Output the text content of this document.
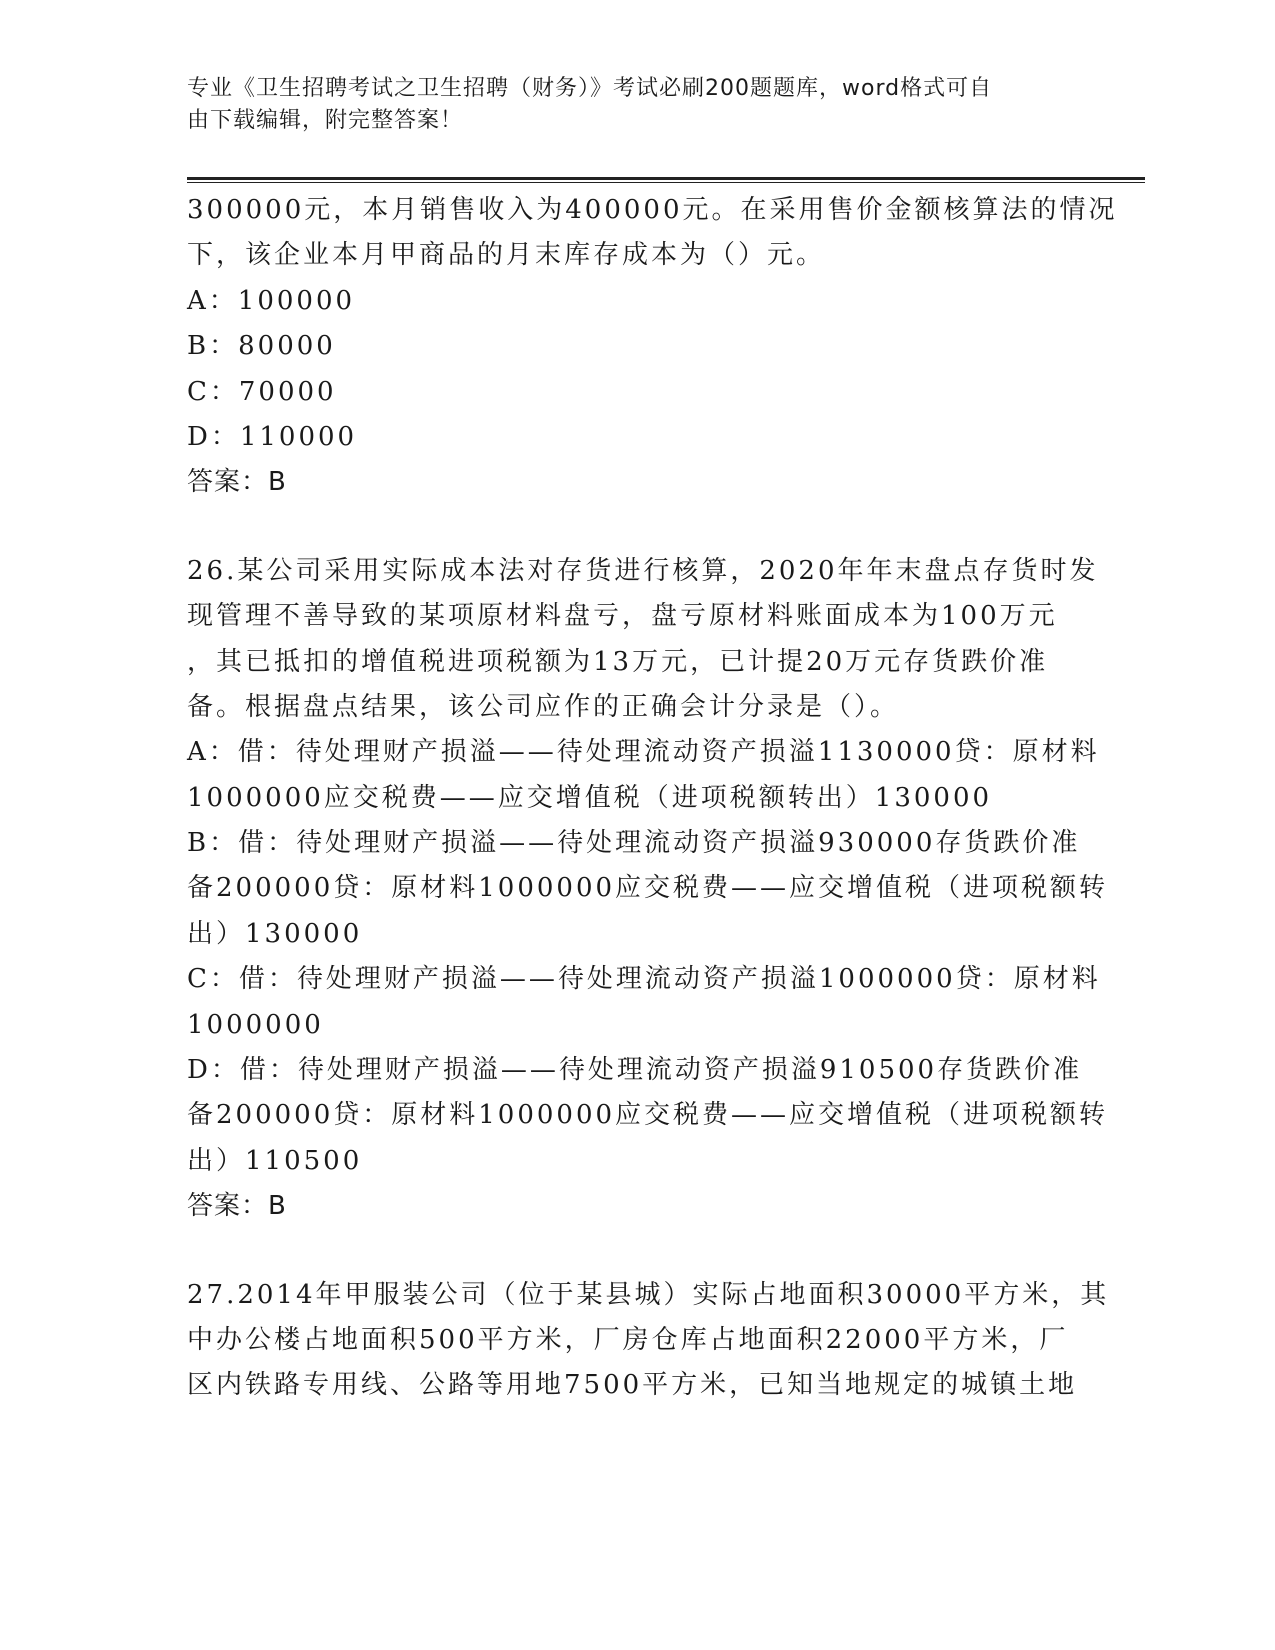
专业《卫生招聘考试之卫生招聘（财务）》考试必刷200题题库，word格式可自
由下载编辑，附完整答案！
300000元，本月销售收入为400000元。在采用售价金额核算法的情况
下，该企业本月甲商品的月末库存成本为（）元。
A：100000
B：80000
C：70000
D：110000
答案：B
26.某公司采用实际成本法对存货进行核算，2020年年末盘点存货时发
现管理不善导致的某项原材料盘亏，盘亏原材料账面成本为100万元
，其已抵扣的增值税进项税额为13万元，已计提20万元存货跌价准
备。根据盘点结果，该公司应作的正确会计分录是（）。
A：借：待处理财产损溢——待处理流动资产损溢1130000贷：原材料
1000000应交税费——应交增值税（进项税额转出）130000
B：借：待处理财产损溢——待处理流动资产损溢930000存货跌价准
备200000贷：原材料1000000应交税费——应交增值税（进项税额转
出）130000
C：借：待处理财产损溢——待处理流动资产损溢1000000贷：原材料
1000000
D：借：待处理财产损溢——待处理流动资产损溢910500存货跌价准
备200000贷：原材料1000000应交税费——应交增值税（进项税额转
出）110500
答案：B
27.2014年甲服装公司（位于某县城）实际占地面积30000平方米，其
中办公楼占地面积500平方米，厂房仓库占地面积22000平方米，厂
区内铁路专用线、公路等用地7500平方米，已知当地规定的城镇土地
